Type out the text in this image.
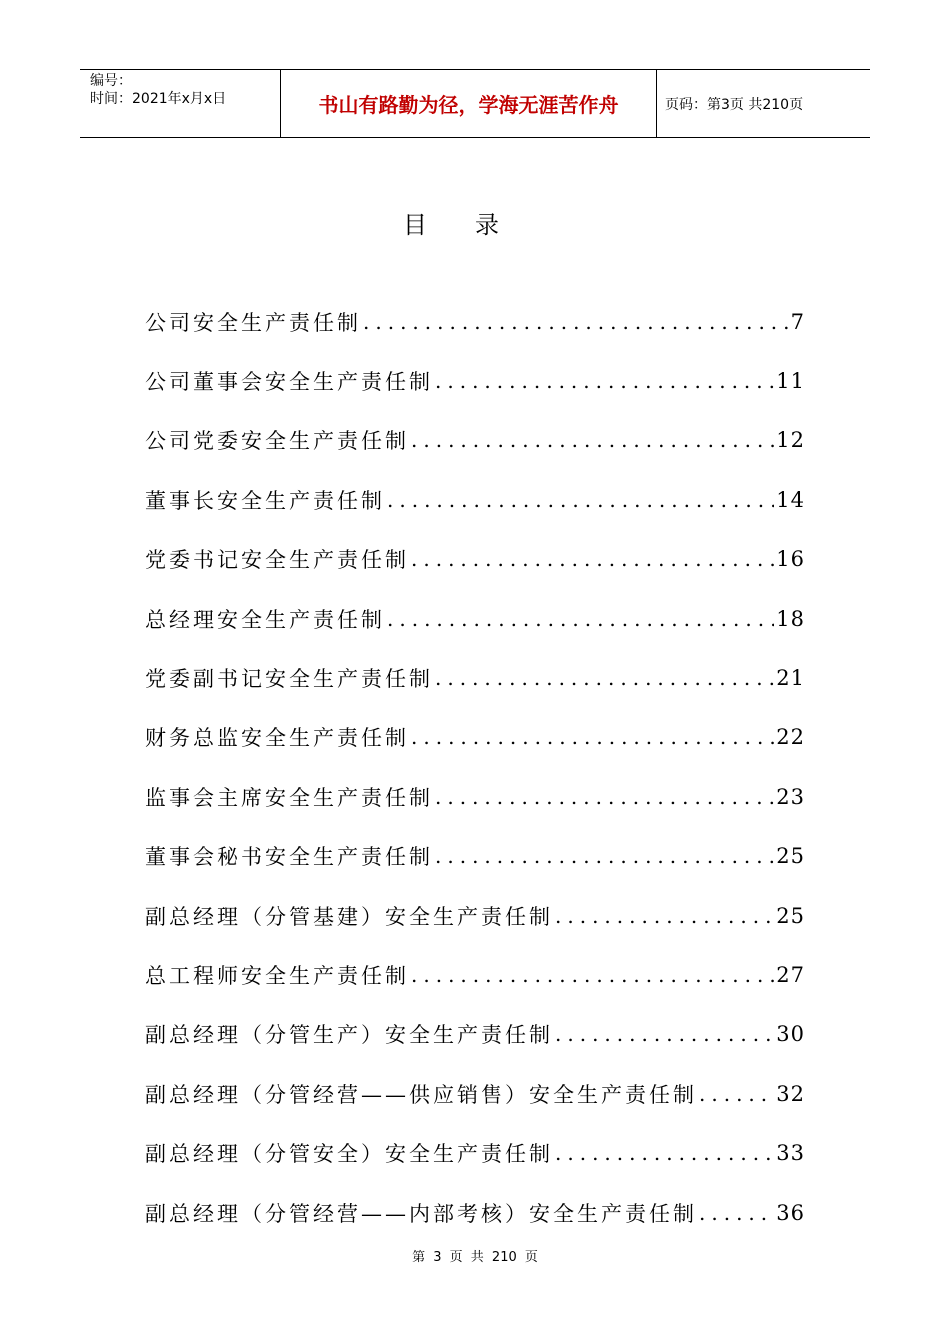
编号：
时间：2021年x月x日	书山有路勤为径，学海无涯苦作舟	页码：第3页 共210页
目录
公司安全生产责任制 .....	7
公司董事会安全生产责任制 .....	11
公司党委安全生产责任制 .....	12
董事长安全生产责任制 .....	14
党委书记安全生产责任制 .....	16
总经理安全生产责任制 .....	18
党委副书记安全生产责任制 .....	21
财务总监安全生产责任制 .....	22
监事会主席安全生产责任制 .....	23
董事会秘书安全生产责任制 .....	25
副总经理（分管基建）安全生产责任制 .....	25
总工程师安全生产责任制 .....	27
副总经理（分管生产）安全生产责任制 .....	30
副总经理（分管经营——供应销售）安全生产责任制 .....	32
副总经理（分管安全）安全生产责任制 .....	33
副总经理（分管经营——内部考核）安全生产责任制 .....	36
第 3 页 共 210 页
